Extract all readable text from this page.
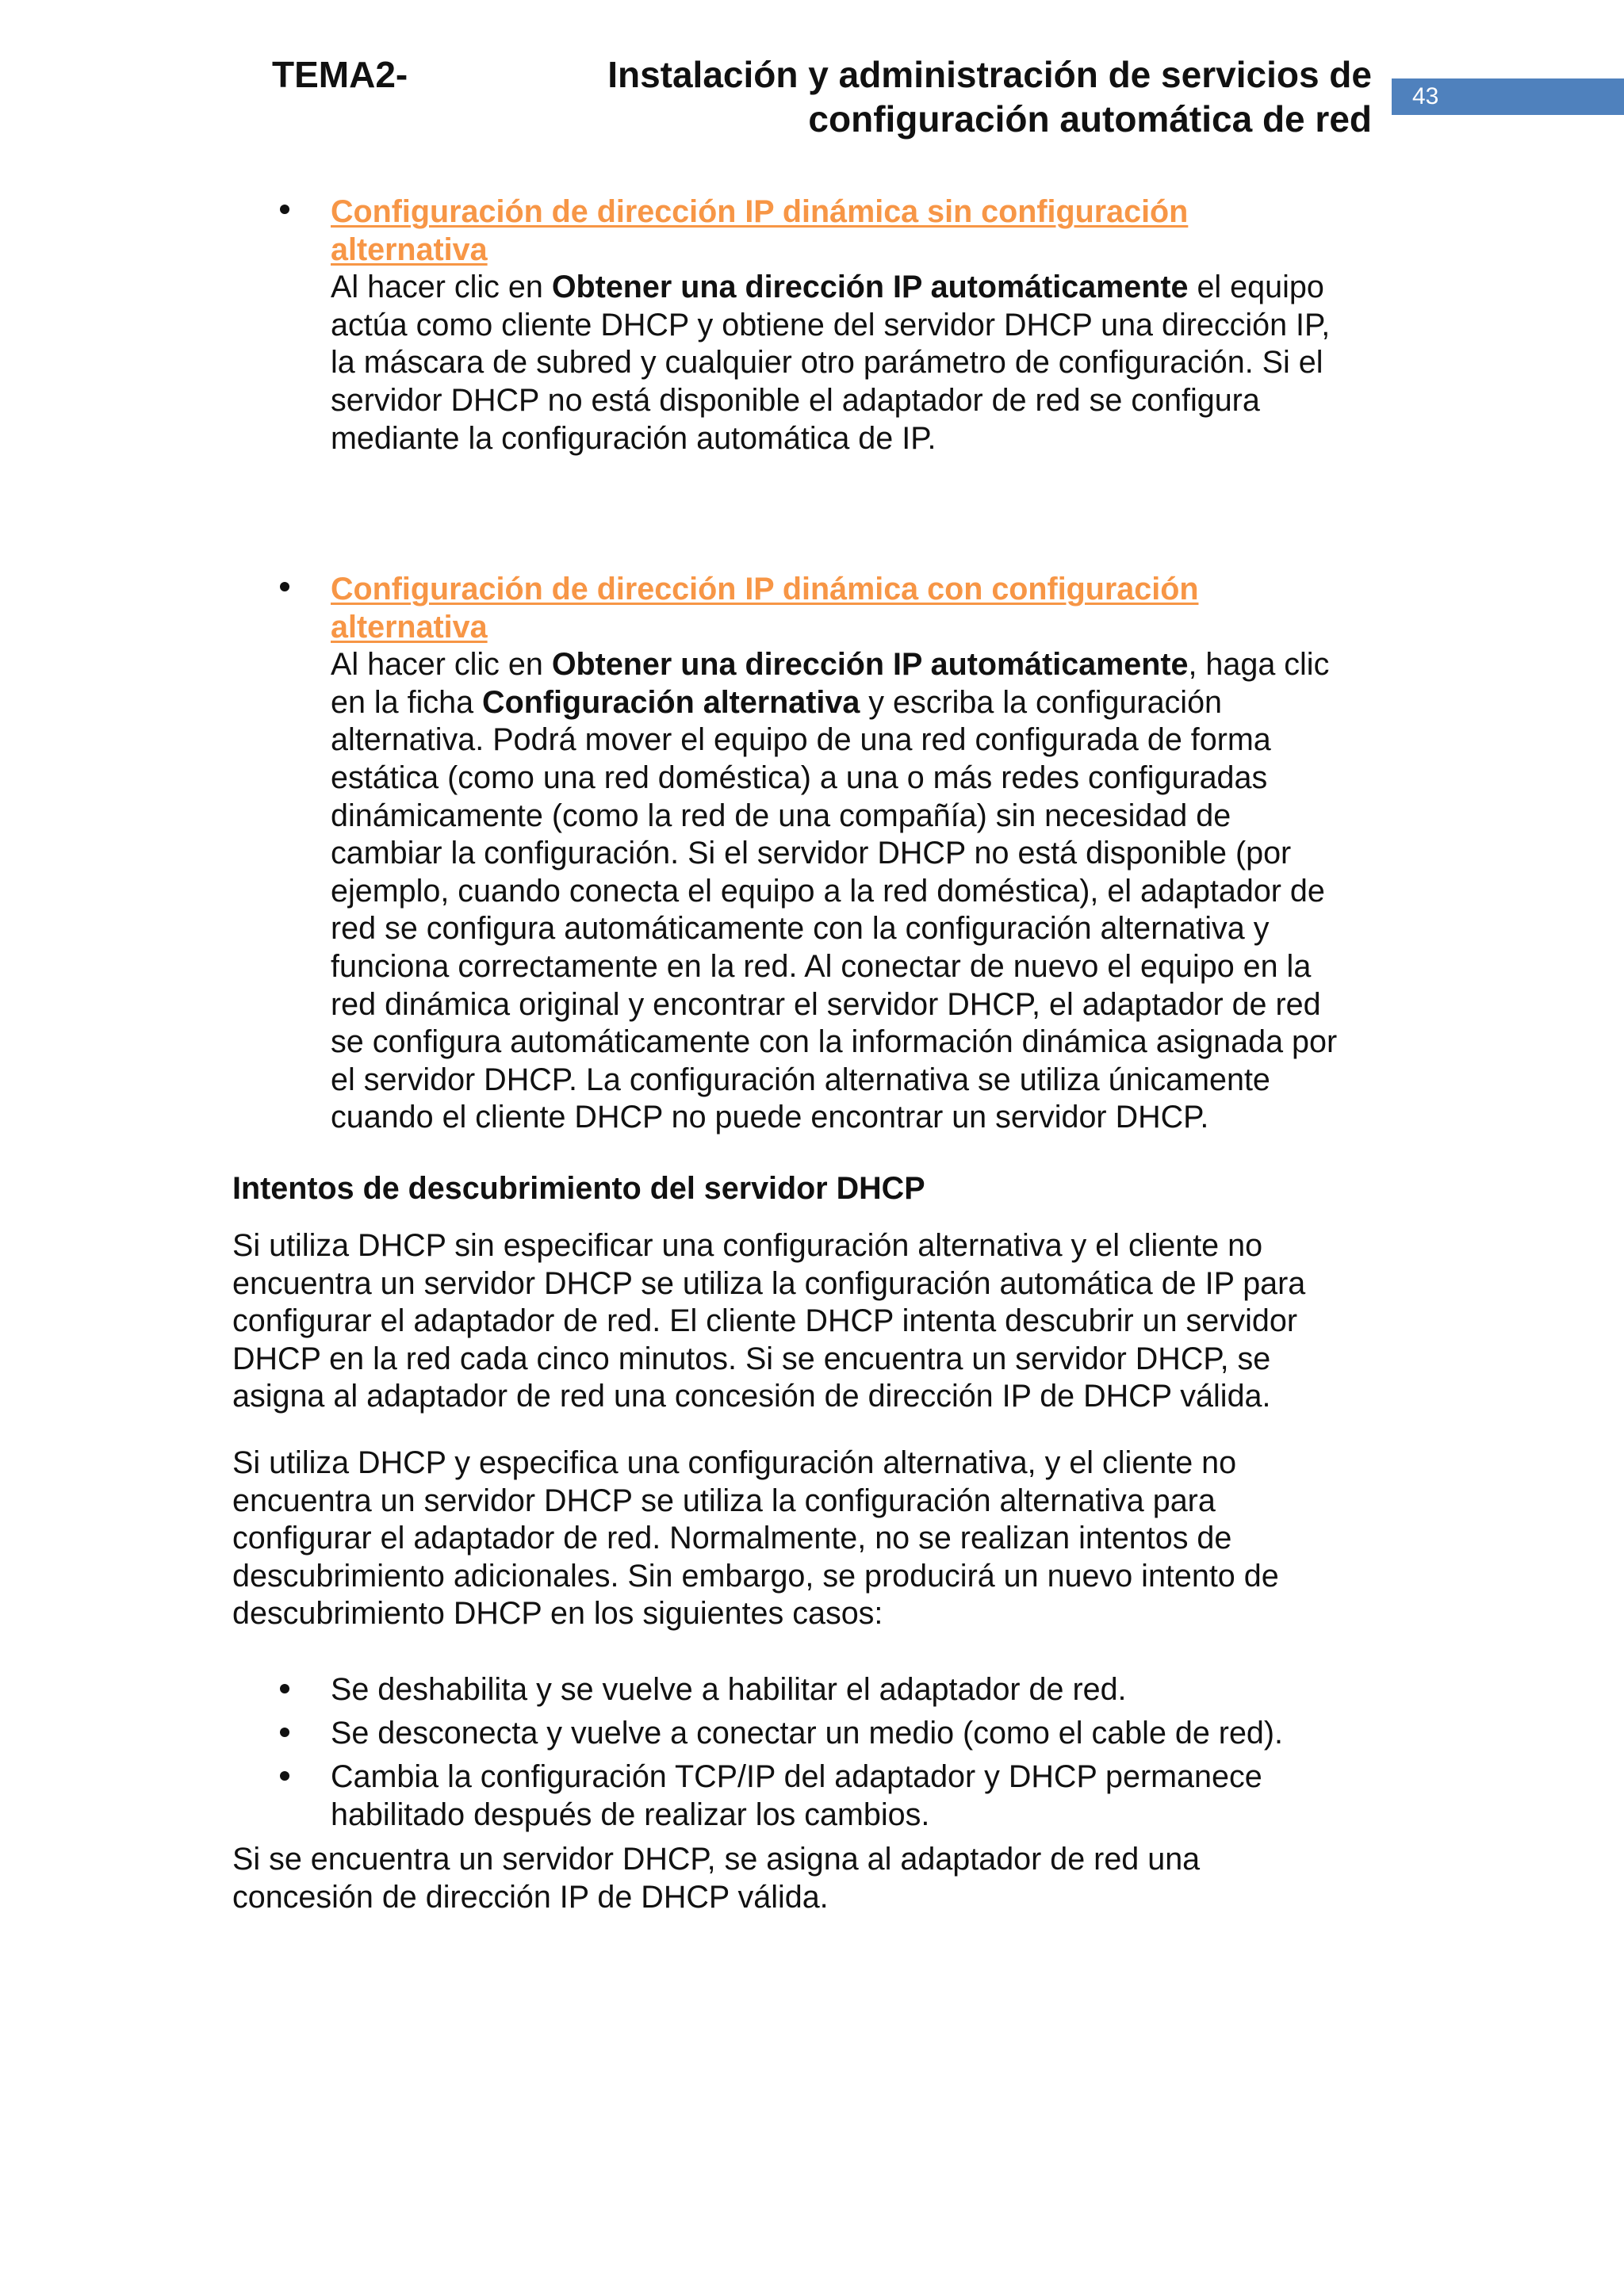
TEMA2-	Instalación y administración de servicios de
configuración automática de red
43
Configuración de dirección IP dinámica sin configuración
alternativa
Al hacer clic en Obtener una dirección IP automáticamente el equipo
actúa como cliente DHCP y obtiene del servidor DHCP una dirección IP,
la máscara de subred y cualquier otro parámetro de configuración. Si el
servidor DHCP no está disponible el adaptador de red se configura
mediante la configuración automática de IP.
Configuración de dirección IP dinámica con configuración
alternativa
Al hacer clic en Obtener una dirección IP automáticamente, haga clic
en la ficha Configuración alternativa y escriba la configuración
alternativa. Podrá mover el equipo de una red configurada de forma
estática (como una red doméstica) a una o más redes configuradas
dinámicamente (como la red de una compañía) sin necesidad de
cambiar la configuración. Si el servidor DHCP no está disponible (por
ejemplo, cuando conecta el equipo a la red doméstica), el adaptador de
red se configura automáticamente con la configuración alternativa y
funciona correctamente en la red. Al conectar de nuevo el equipo en la
red dinámica original y encontrar el servidor DHCP, el adaptador de red
se configura automáticamente con la información dinámica asignada por
el servidor DHCP. La configuración alternativa se utiliza únicamente
cuando el cliente DHCP no puede encontrar un servidor DHCP.
Intentos de descubrimiento del servidor DHCP
Si utiliza DHCP sin especificar una configuración alternativa y el cliente no
encuentra un servidor DHCP se utiliza la configuración automática de IP para
configurar el adaptador de red. El cliente DHCP intenta descubrir un servidor
DHCP en la red cada cinco minutos. Si se encuentra un servidor DHCP, se
asigna al adaptador de red una concesión de dirección IP de DHCP válida.
Si utiliza DHCP y especifica una configuración alternativa, y el cliente no
encuentra un servidor DHCP se utiliza la configuración alternativa para
configurar el adaptador de red. Normalmente, no se realizan intentos de
descubrimiento adicionales. Sin embargo, se producirá un nuevo intento de
descubrimiento DHCP en los siguientes casos:
Se deshabilita y se vuelve a habilitar el adaptador de red.
Se desconecta y vuelve a conectar un medio (como el cable de red).
Cambia la configuración TCP/IP del adaptador y DHCP permanece
habilitado después de realizar los cambios.
Si se encuentra un servidor DHCP, se asigna al adaptador de red una
concesión de dirección IP de DHCP válida.
